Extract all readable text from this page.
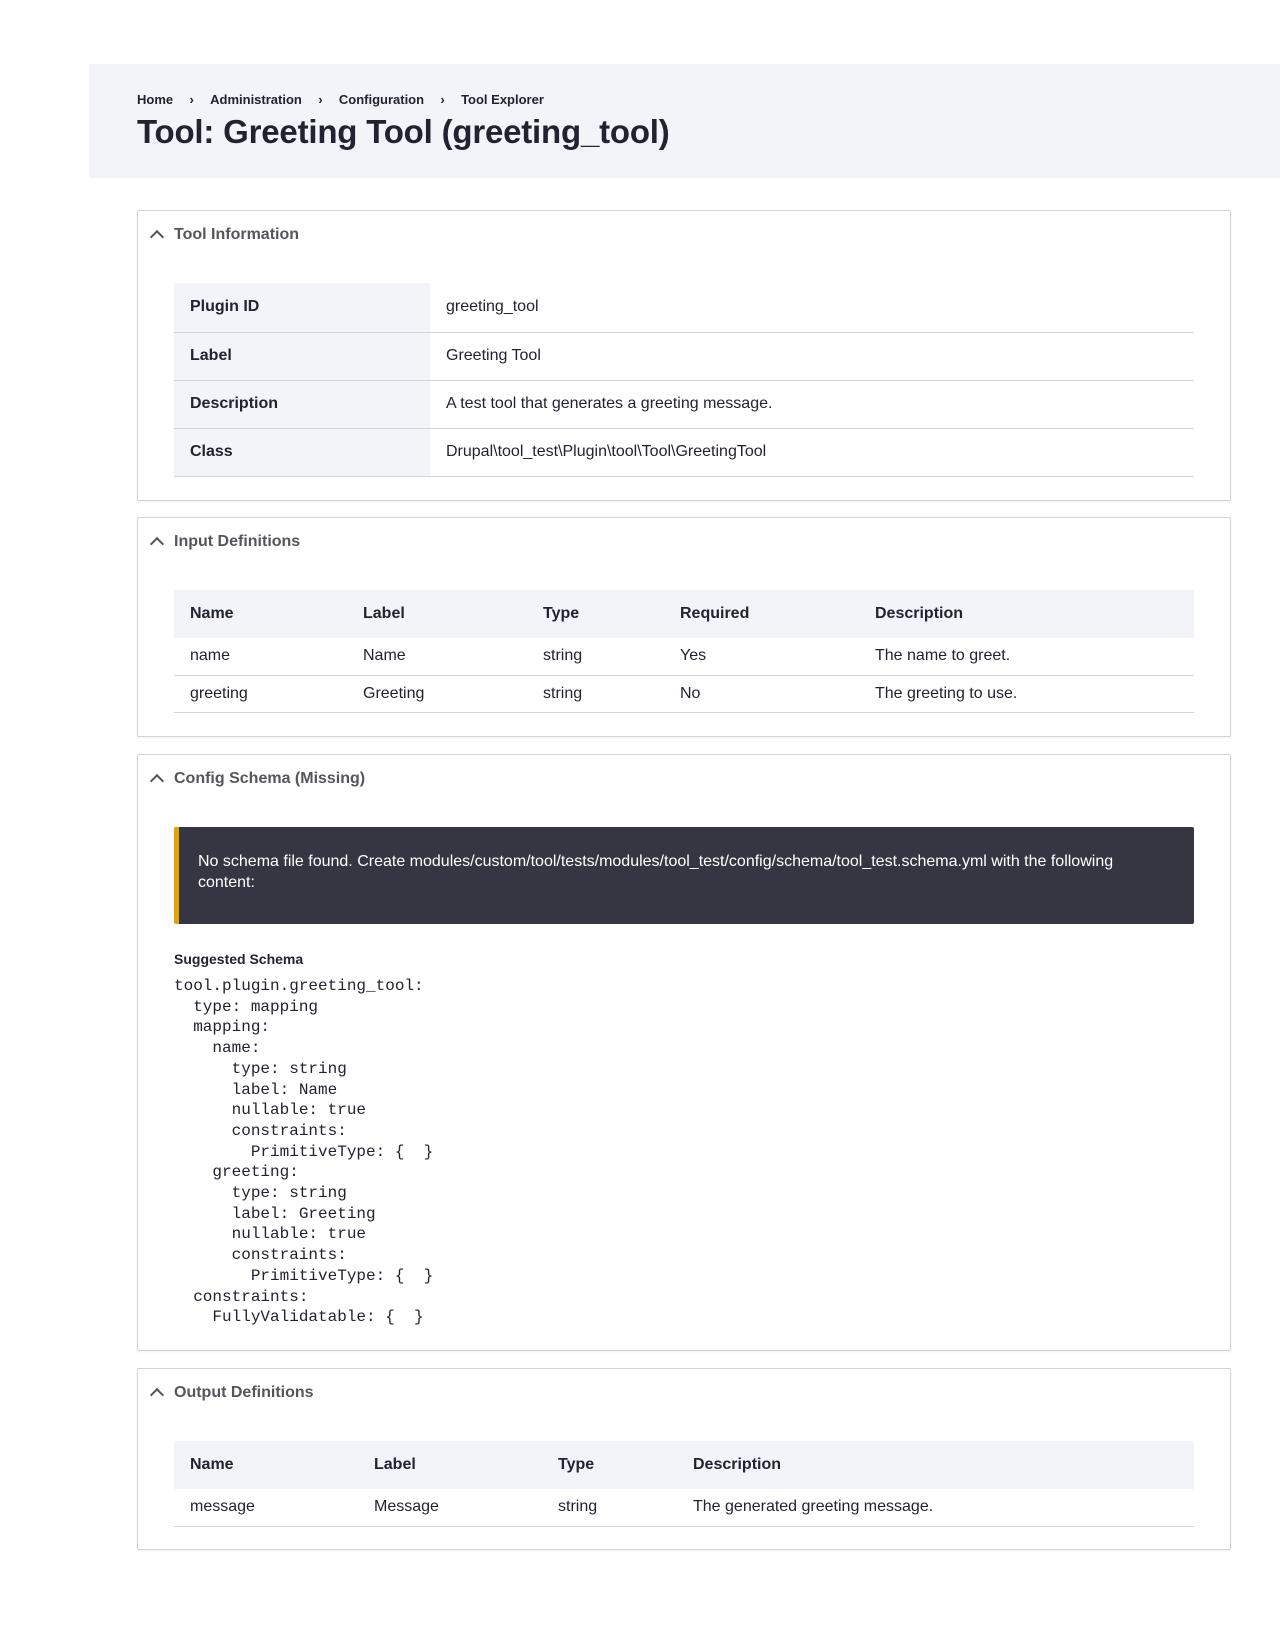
Home	›	Administration	›	Configuration	›	Tool Explorer
Tool: Greeting Tool (greeting_tool)
Tool Information
Plugin ID	greeting_tool
Label	Greeting Tool
Description	A test tool that generates a greeting message.
Class	Drupal\tool_test\Plugin\tool\Tool\GreetingTool
Input Definitions
Name	Label	Type	Required	Description
name	Name	string	Yes	The name to greet.
greeting	Greeting	string	No	The greeting to use.
Config Schema (Missing)
No schema file found. Create modules/custom/tool/tests/modules/tool_test/config/schema/tool_test.schema.yml with the following content:
Suggested Schema
tool.plugin.greeting_tool:
type: mapping
mapping:
name:
type: string
label: Name
nullable: true
constraints:
PrimitiveType: {  }
greeting:
type: string
label: Greeting
nullable: true
constraints:
PrimitiveType: {  }
constraints:
FullyValidatable: {  }
Output Definitions
Name	Label	Type	Description
message	Message	string	The generated greeting message.
